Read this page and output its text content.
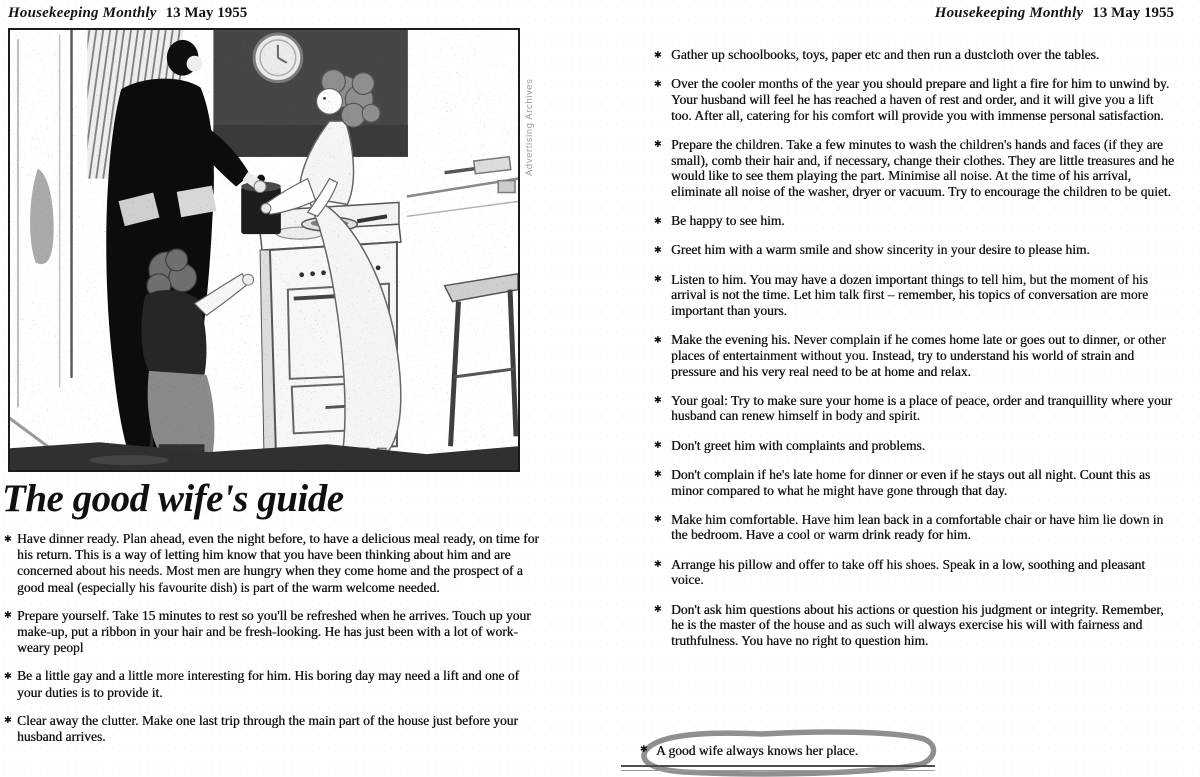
Housekeeping Monthly 13 May 1955	Housekeeping Monthly 13 May 1955
Advertising Archives
The good wife's guide
✱ Have dinner ready. Plan ahead, even the night before, to have a delicious meal ready, on time for his return. This is a way of letting him know that you have been thinking about him and are concerned about his needs. Most men are hungry when they come home and the prospect of a good meal (especially his favourite dish) is part of the warm welcome needed.
✱ Prepare yourself. Take 15 minutes to rest so you'll be refreshed when he arrives. Touch up your make-up, put a ribbon in your hair and be fresh-looking. He has just been with a lot of work-weary peopl
✱ Be a little gay and a little more interesting for him. His boring day may need a lift and one of your duties is to provide it.
✱ Clear away the clutter. Make one last trip through the main part of the house just before your husband arrives.
✱ Gather up schoolbooks, toys, paper etc and then run a dustcloth over the tables.
✱ Over the cooler months of the year you should prepare and light a fire for him to unwind by. Your husband will feel he has reached a haven of rest and order, and it will give you a lift too. After all, catering for his comfort will provide you with immense personal satisfaction.
✱ Prepare the children. Take a few minutes to wash the children's hands and faces (if they are small), comb their hair and, if necessary, change their clothes. They are little treasures and he would like to see them playing the part. Minimise all noise. At the time of his arrival, eliminate all noise of the washer, dryer or vacuum. Try to encourage the children to be quiet.
✱ Be happy to see him.
✱ Greet him with a warm smile and show sincerity in your desire to please him.
✱ Listen to him. You may have a dozen important things to tell him, but the moment of his arrival is not the time. Let him talk first – remember, his topics of conversation are more important than yours.
✱ Make the evening his. Never complain if he comes home late or goes out to dinner, or other places of entertainment without you. Instead, try to understand his world of strain and pressure and his very real need to be at home and relax.
✱ Your goal: Try to make sure your home is a place of peace, order and tranquillity where your husband can renew himself in body and spirit.
✱ Don't greet him with complaints and problems.
✱ Don't complain if he's late home for dinner or even if he stays out all night. Count this as minor compared to what he might have gone through that day.
✱ Make him comfortable. Have him lean back in a comfortable chair or have him lie down in the bedroom. Have a cool or warm drink ready for him.
✱ Arrange his pillow and offer to take off his shoes. Speak in a low, soothing and pleasant voice.
✱ Don't ask him questions about his actions or question his judgment or integrity. Remember, he is the master of the house and as such will always exercise his will with fairness and truthfulness. You have no right to question him.
✱ A good wife always knows her place.
